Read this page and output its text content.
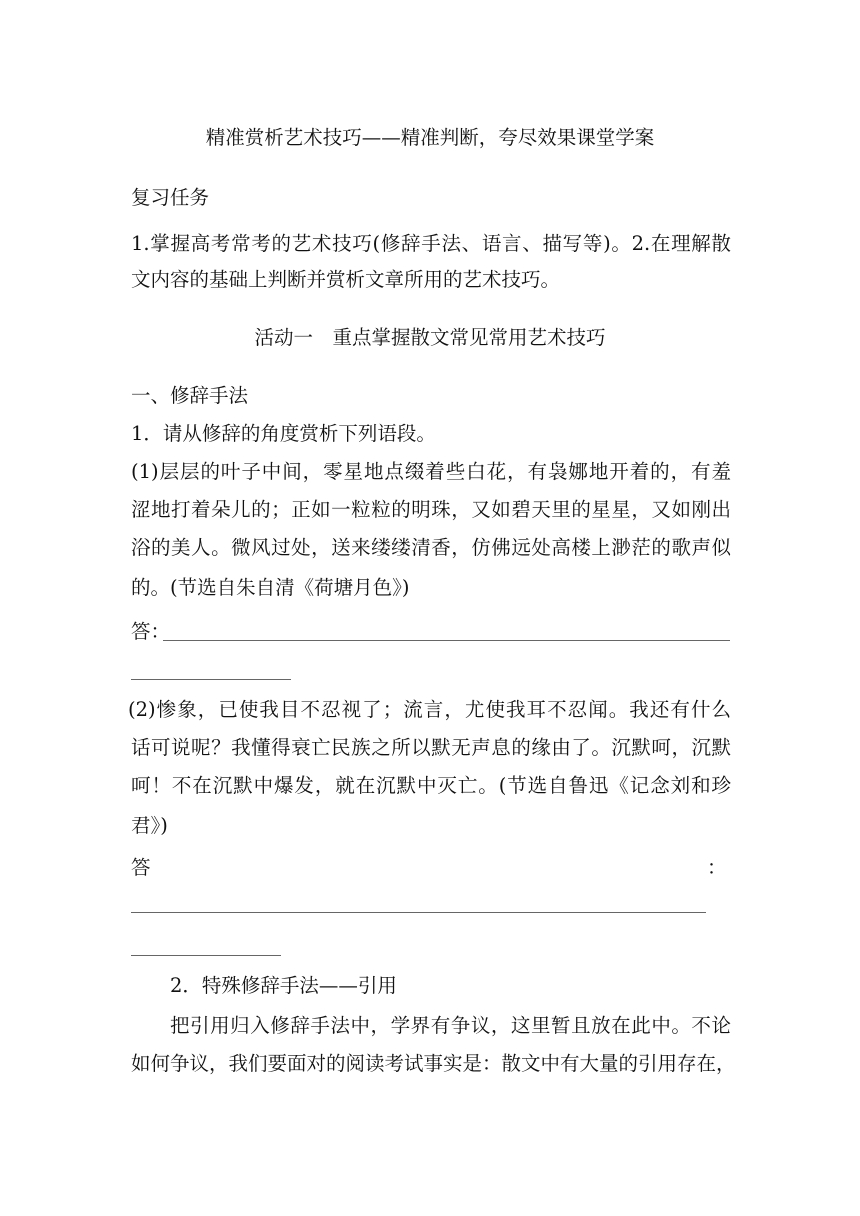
精准赏析艺术技巧——精准判断，夸尽效果课堂学案
复习任务
1.掌握高考常考的艺术技巧(修辞手法、语言、描写等)。2.在理解散
文内容的基础上判断并赏析文章所用的艺术技巧。
活动一　重点掌握散文常见常用艺术技巧
一、修辞手法
1．请从修辞的角度赏析下列语段。
(1)层层的叶子中间，零星地点缀着些白花，有袅娜地开着的，有羞
涩地打着朵儿的；正如一粒粒的明珠，又如碧天里的星星，又如刚出
浴的美人。微风过处，送来缕缕清香，仿佛远处高楼上渺茫的歌声似
的。(节选自朱自清《荷塘月色》)
答：
(2)惨象，已使我目不忍视了；流言，尤使我耳不忍闻。我还有什么
话可说呢？我懂得衰亡民族之所以默无声息的缘由了。沉默呵，沉默
呵！不在沉默中爆发，就在沉默中灭亡。(节选自鲁迅《记念刘和珍
君》)
答	：
2．特殊修辞手法——引用
把引用归入修辞手法中，学界有争议，这里暂且放在此中。不论
如何争议，我们要面对的阅读考试事实是：散文中有大量的引用存在，
